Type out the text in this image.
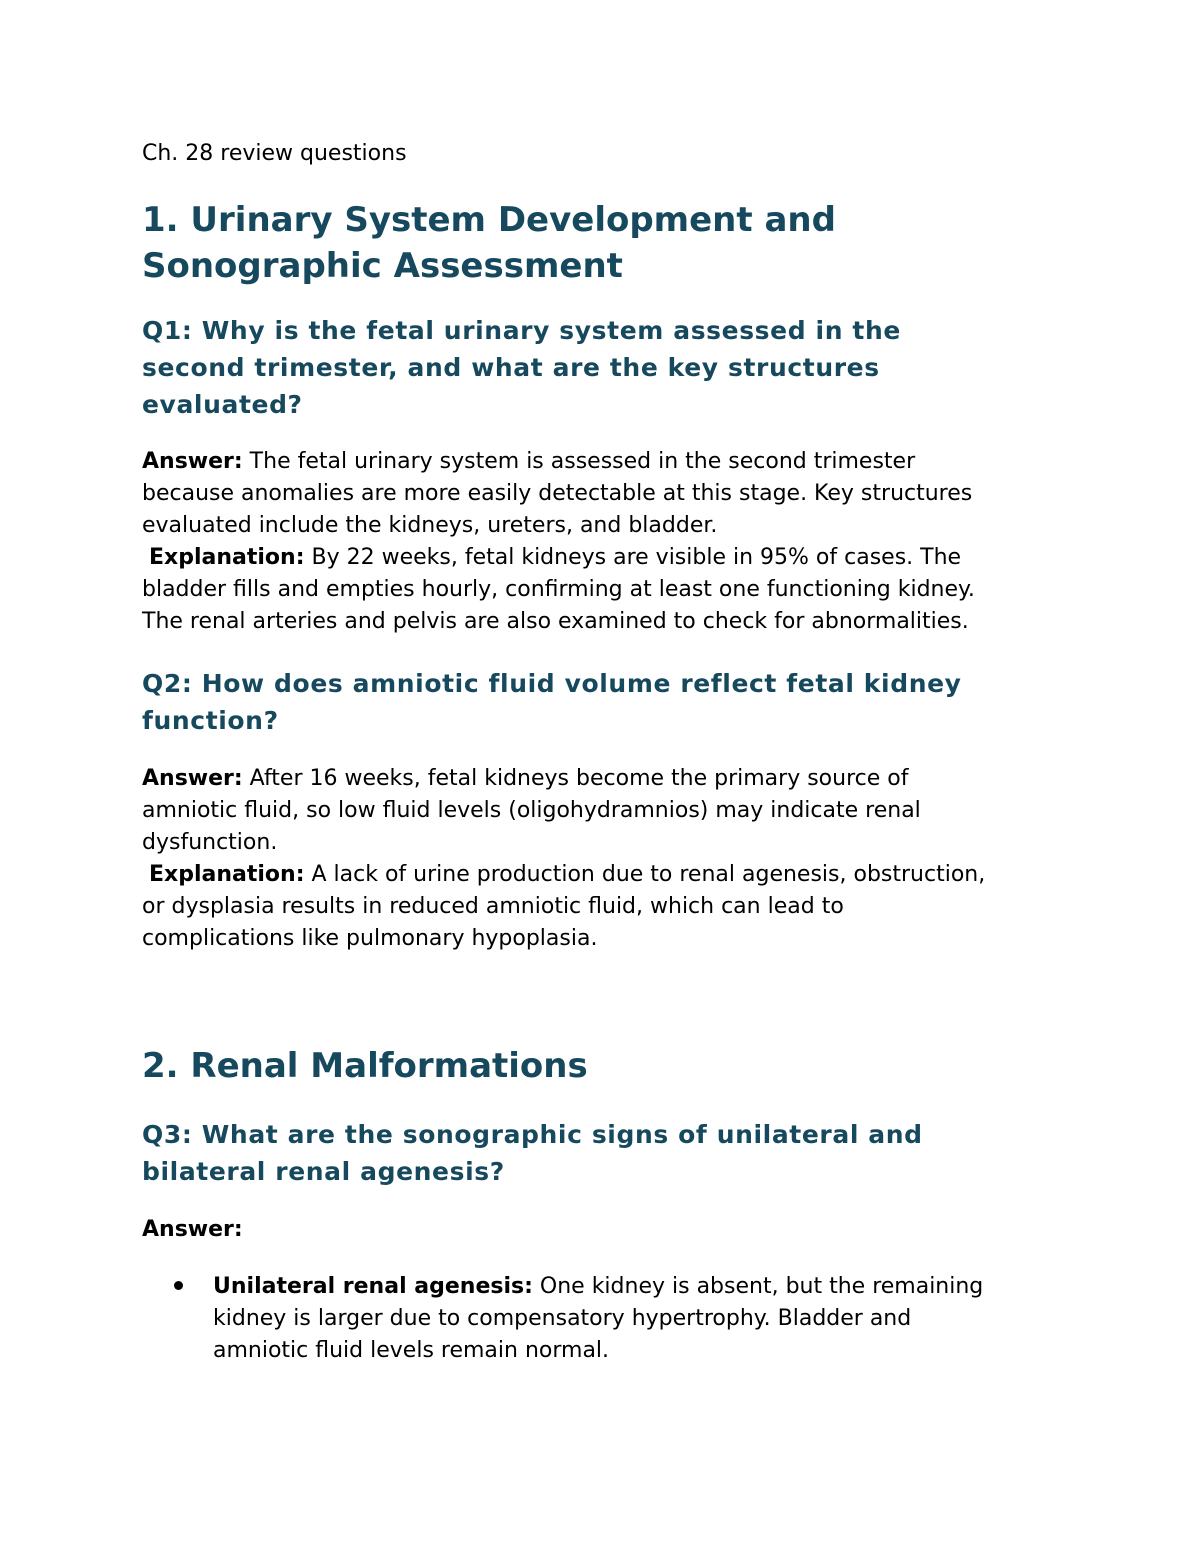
Ch. 28 review questions

1. Urinary System Development and
Sonographic Assessment
Q1: Why is the fetal urinary system assessed in the
second trimester, and what are the key structures
evaluated?
Answer: The fetal urinary system is assessed in the second trimester
because anomalies are more easily detectable at this stage. Key structures
evaluated include the kidneys, ureters, and bladder.
Explanation: By 22 weeks, fetal kidneys are visible in 95% of cases. The
bladder fills and empties hourly, confirming at least one functioning kidney.
The renal arteries and pelvis are also examined to check for abnormalities.
Q2: How does amniotic fluid volume reflect fetal kidney
function?
Answer: After 16 weeks, fetal kidneys become the primary source of
amniotic fluid, so low fluid levels (oligohydramnios) may indicate renal
dysfunction.
Explanation: A lack of urine production due to renal agenesis, obstruction,
or dysplasia results in reduced amniotic fluid, which can lead to
complications like pulmonary hypoplasia.
2. Renal Malformations
Q3: What are the sonographic signs of unilateral and
bilateral renal agenesis?
Answer:
Unilateral renal agenesis: One kidney is absent, but the remaining
kidney is larger due to compensatory hypertrophy. Bladder and
amniotic fluid levels remain normal.
